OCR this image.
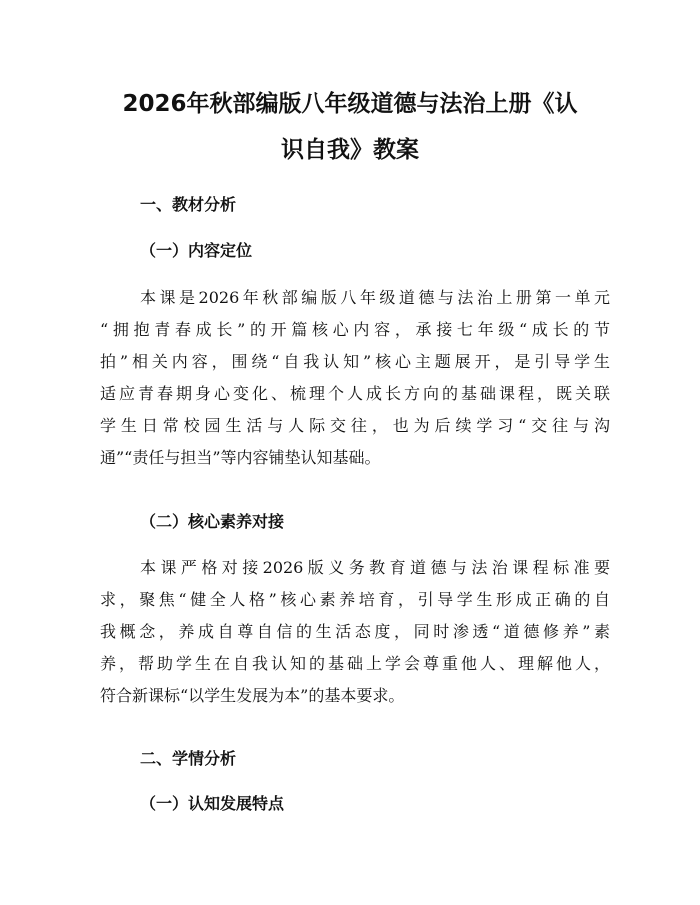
2026年秋部编版八年级道德与法治上册《认
识自我》教案
一、教材分析
（一）内容定位
本课是2026年秋部编版八年级道德与法治上册第一单元
“拥抱青春成长”的开篇核心内容，承接七年级“成长的节
拍”相关内容，围绕“自我认知”核心主题展开，是引导学生
适应青春期身心变化、梳理个人成长方向的基础课程，既关联
学生日常校园生活与人际交往，也为后续学习“交往与沟
通”“责任与担当”等内容铺垫认知基础。
（二）核心素养对接
本课严格对接2026版义务教育道德与法治课程标准要
求，聚焦“健全人格”核心素养培育，引导学生形成正确的自
我概念，养成自尊自信的生活态度，同时渗透“道德修养”素
养，帮助学生在自我认知的基础上学会尊重他人、理解他人，
符合新课标“以学生发展为本”的基本要求。
二、学情分析
（一）认知发展特点
